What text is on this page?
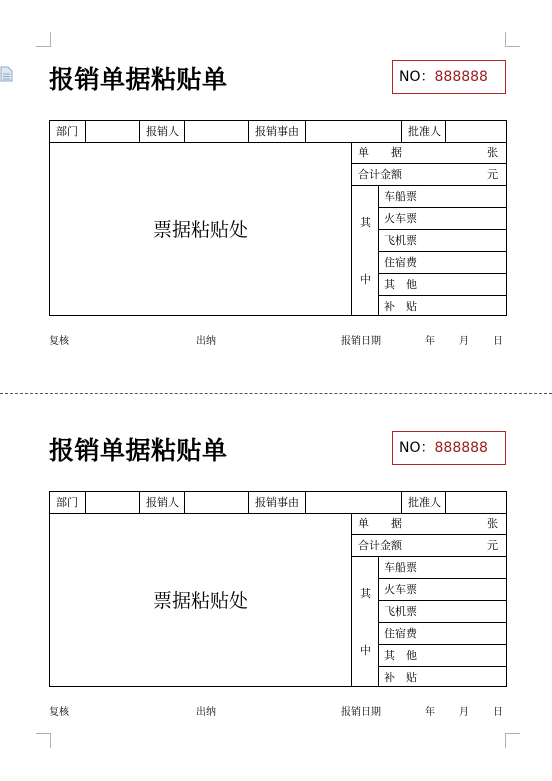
报销单据粘贴单	NO：888888
部门	报销人	报销事由	批准人
票据粘贴处
单　　据	张
合计金额	元
其
中
车船票
火车票
飞机票
住宿费
其　他
补　贴
复核	出纳	报销日期	年 月 日
报销单据粘贴单	NO：888888
部门	报销人	报销事由	批准人
票据粘贴处
单　　据	张
合计金额	元
其
中
车船票
火车票
飞机票
住宿费
其　他
补　贴
复核	出纳	报销日期	年 月 日
